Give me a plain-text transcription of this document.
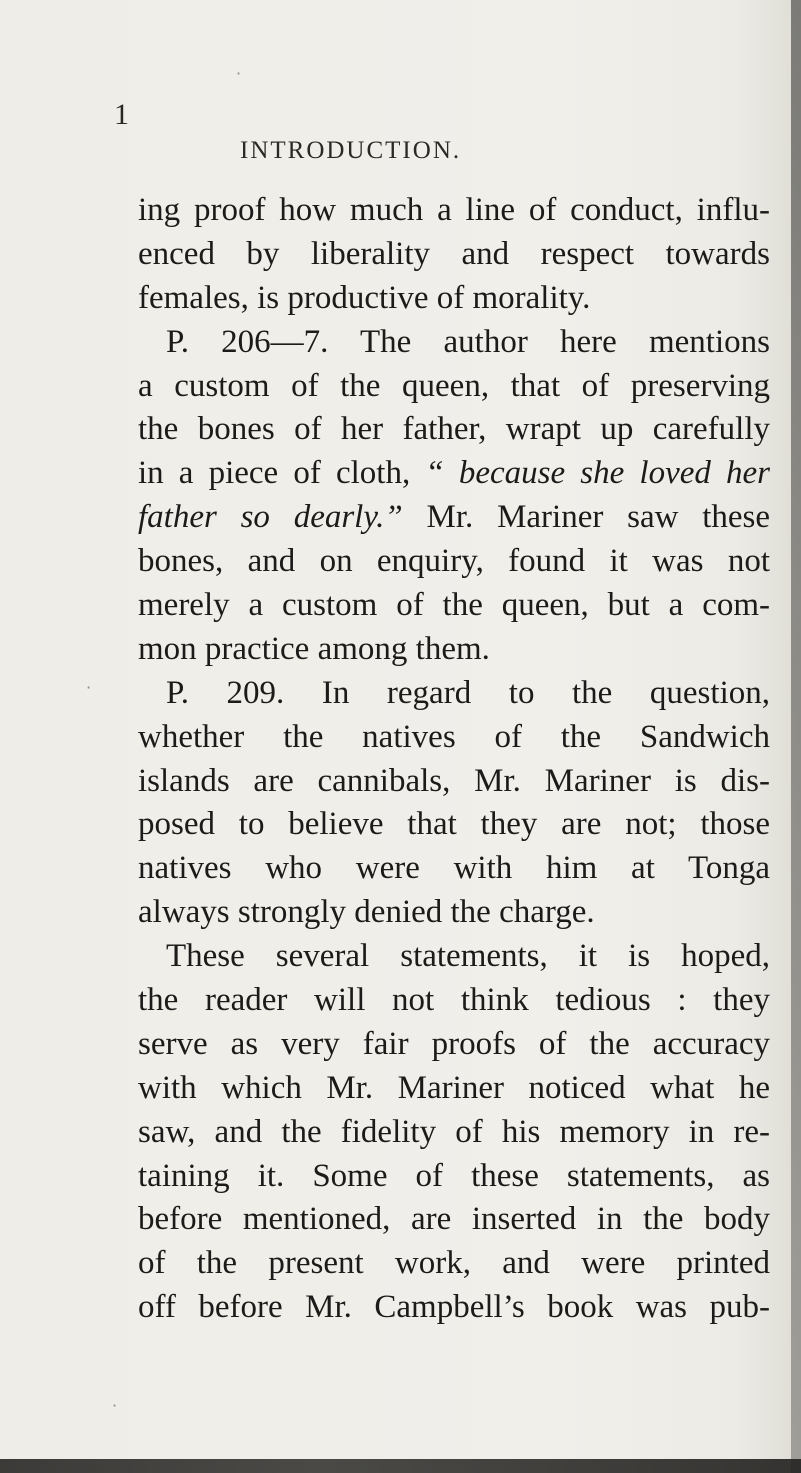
1
INTRODUCTION.
ing proof how much a line of conduct, influ-
enced by liberality and respect towards
females, is productive of morality.
P. 206—7. The author here mentions
a custom of the queen, that of preserving
the bones of her father, wrapt up carefully
in a piece of cloth, “ because she loved her
father so dearly.” Mr. Mariner saw these
bones, and on enquiry, found it was not
merely a custom of the queen, but a com-
mon practice among them.
P. 209. In regard to the question,
whether the natives of the Sandwich
islands are cannibals, Mr. Mariner is dis-
posed to believe that they are not; those
natives who were with him at Tonga
always strongly denied the charge.
These several statements, it is hoped,
the reader will not think tedious : they
serve as very fair proofs of the accuracy
with which Mr. Mariner noticed what he
saw, and the fidelity of his memory in re-
taining it. Some of these statements, as
before mentioned, are inserted in the body
of the present work, and were printed
off before Mr. Campbell’s book was pub-
·
·
·
